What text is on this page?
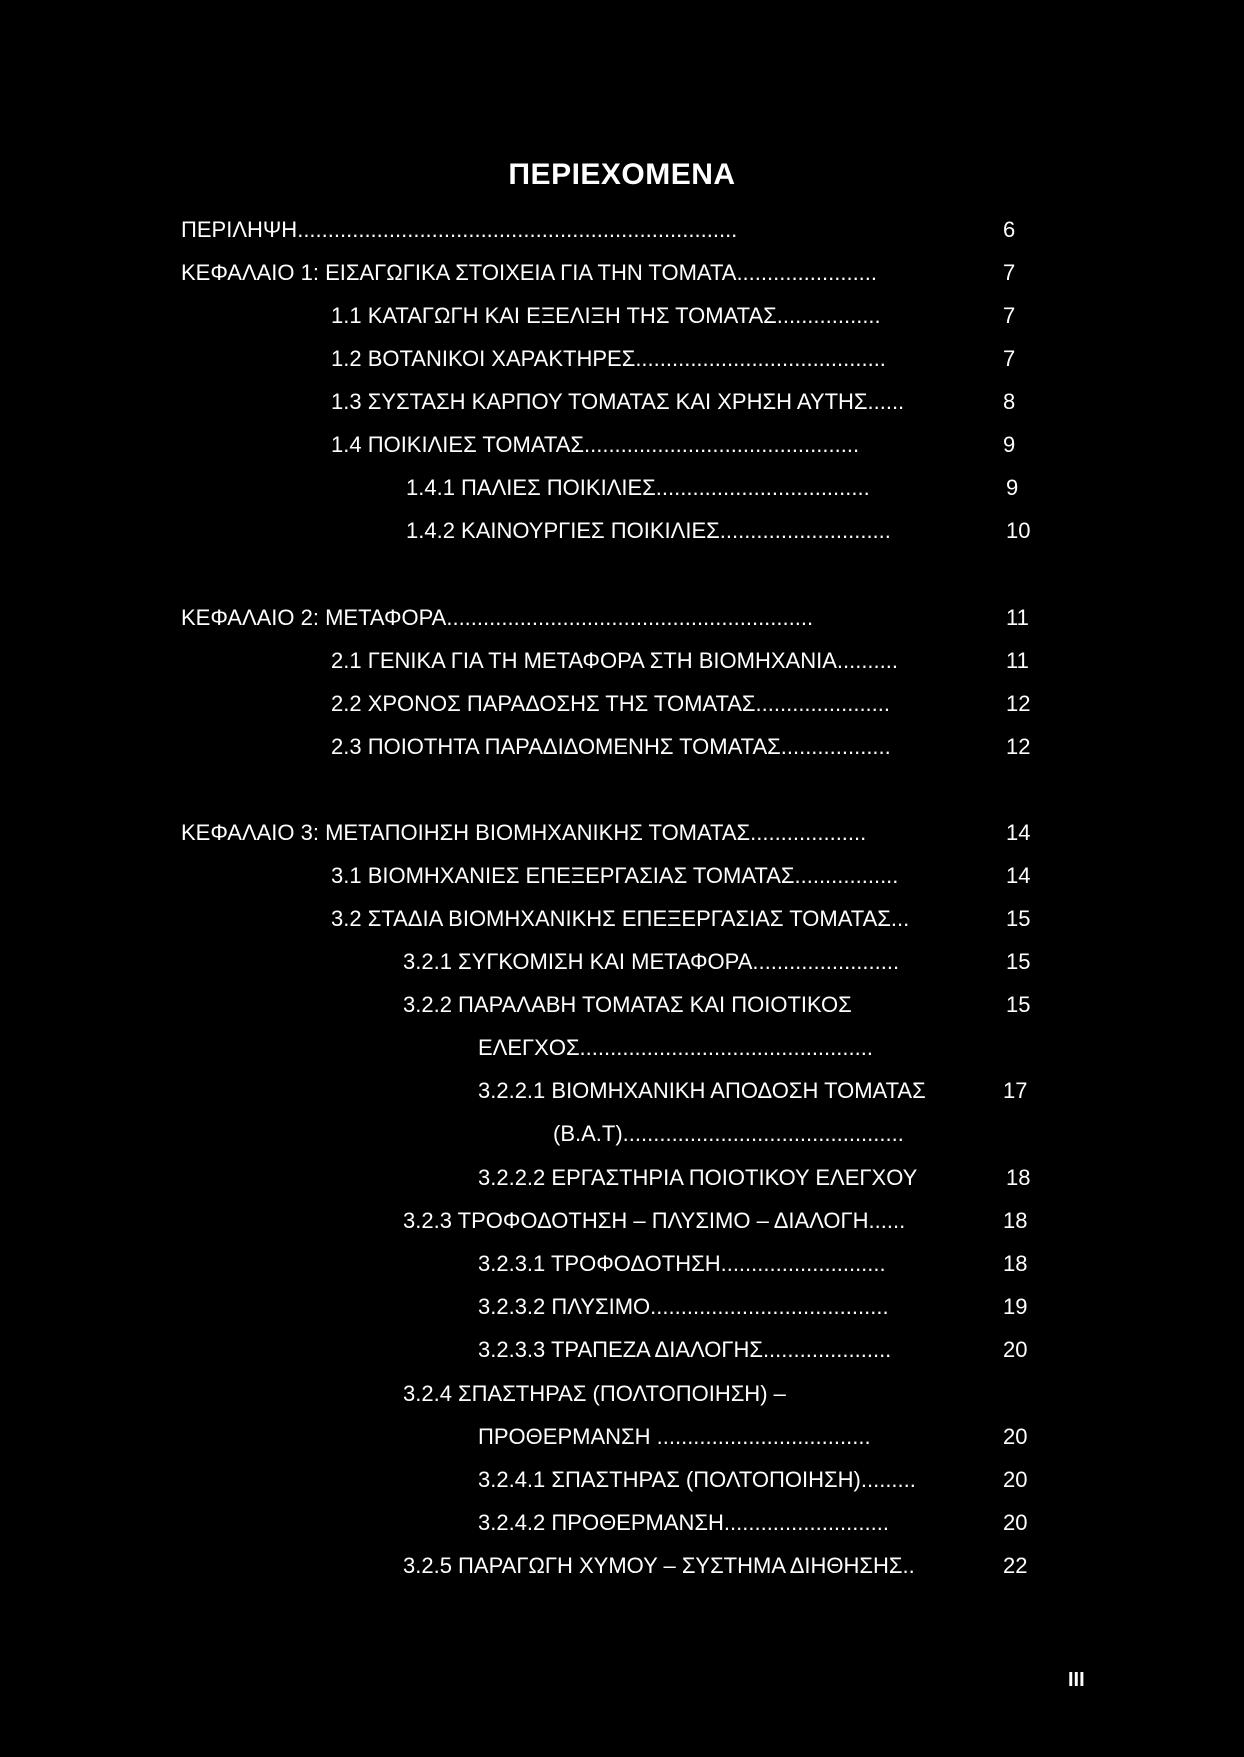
ΠΕΡΙΕΧΟΜΕΝΑ
ΠΕΡΙΛΗΨΗ........................................................................	6
ΚΕΦΑΛΑΙΟ 1: ΕΙΣΑΓΩΓΙΚΑ ΣΤΟΙΧΕΙΑ ΓΙΑ ΤΗΝ ΤΟΜΑΤΑ.......................	7
1.1 ΚΑΤΑΓΩΓΗ ΚΑΙ ΕΞΕΛΙΞΗ ΤΗΣ ΤΟΜΑΤΑΣ.................	7
1.2 ΒΟΤΑΝΙΚΟΙ ΧΑΡΑΚΤΗΡΕΣ.........................................	7
1.3 ΣΥΣΤΑΣΗ ΚΑΡΠΟΥ ΤΟΜΑΤΑΣ ΚΑΙ ΧΡΗΣΗ ΑΥΤΗΣ......	8
1.4 ΠΟΙΚΙΛΙΕΣ ΤΟΜΑΤΑΣ.............................................	9
1.4.1 ΠΑΛΙΕΣ ΠΟΙΚΙΛΙΕΣ...................................	9
1.4.2 ΚΑΙΝΟΥΡΓΙΕΣ ΠΟΙΚΙΛΙΕΣ............................	10
ΚΕΦΑΛΑΙΟ 2: ΜΕΤΑΦΟΡΑ............................................................	11
2.1 ΓΕΝΙΚΑ ΓΙΑ ΤΗ ΜΕΤΑΦΟΡΑ ΣΤΗ ΒΙΟΜΗΧΑΝΙΑ..........	11
2.2 ΧΡΟΝΟΣ ΠΑΡΑΔΟΣΗΣ ΤΗΣ ΤΟΜΑΤΑΣ......................	12
2.3 ΠΟΙΟΤΗΤΑ ΠΑΡΑΔΙΔΟΜΕΝΗΣ ΤΟΜΑΤΑΣ..................	12
ΚΕΦΑΛΑΙΟ 3: ΜΕΤΑΠΟΙΗΣΗ ΒΙΟΜΗΧΑΝΙΚΗΣ ΤΟΜΑΤΑΣ...................	14
3.1 ΒΙΟΜΗΧΑΝΙΕΣ ΕΠΕΞΕΡΓΑΣΙΑΣ ΤΟΜΑΤΑΣ.................	14
3.2 ΣΤΑΔΙΑ ΒΙΟΜΗΧΑΝΙΚΗΣ ΕΠΕΞΕΡΓΑΣΙΑΣ ΤΟΜΑΤΑΣ...	15
3.2.1 ΣΥΓΚΟΜΙΣΗ ΚΑΙ ΜΕΤΑΦΟΡΑ........................	15
3.2.2 ΠΑΡΑΛΑΒΗ ΤΟΜΑΤΑΣ ΚΑΙ ΠΟΙΟΤΙΚΟΣ	15
ΕΛΕΓΧΟΣ................................................
3.2.2.1 ΒΙΟΜΗΧΑΝΙΚΗ ΑΠΟΔΟΣΗ ΤΟΜΑΤΑΣ	17
(Β.Α.Τ)..............................................
3.2.2.2 ΕΡΓΑΣΤΗΡΙΑ ΠΟΙΟΤΙΚΟΥ ΕΛΕΓΧΟΥ	18
3.2.3 ΤΡΟΦΟΔΟΤΗΣΗ – ΠΛΥΣΙΜΟ – ΔΙΑΛΟΓΗ......	18
3.2.3.1 ΤΡΟΦΟΔΟΤΗΣΗ...........................	18
3.2.3.2 ΠΛΥΣΙΜΟ.......................................	19
3.2.3.3 ΤΡΑΠΕΖΑ ΔΙΑΛΟΓΗΣ.....................	20
3.2.4 ΣΠΑΣΤΗΡΑΣ (ΠΟΛΤΟΠΟΙΗΣΗ) –
ΠΡΟΘΕΡΜΑΝΣΗ ...................................	20
3.2.4.1 ΣΠΑΣΤΗΡΑΣ (ΠΟΛΤΟΠΟΙΗΣΗ).........	20
3.2.4.2 ΠΡΟΘΕΡΜΑΝΣΗ...........................	20
3.2.5 ΠΑΡΑΓΩΓΗ ΧΥΜΟΥ – ΣΥΣΤΗΜΑ ΔΙΗΘΗΣΗΣ..	22
III
